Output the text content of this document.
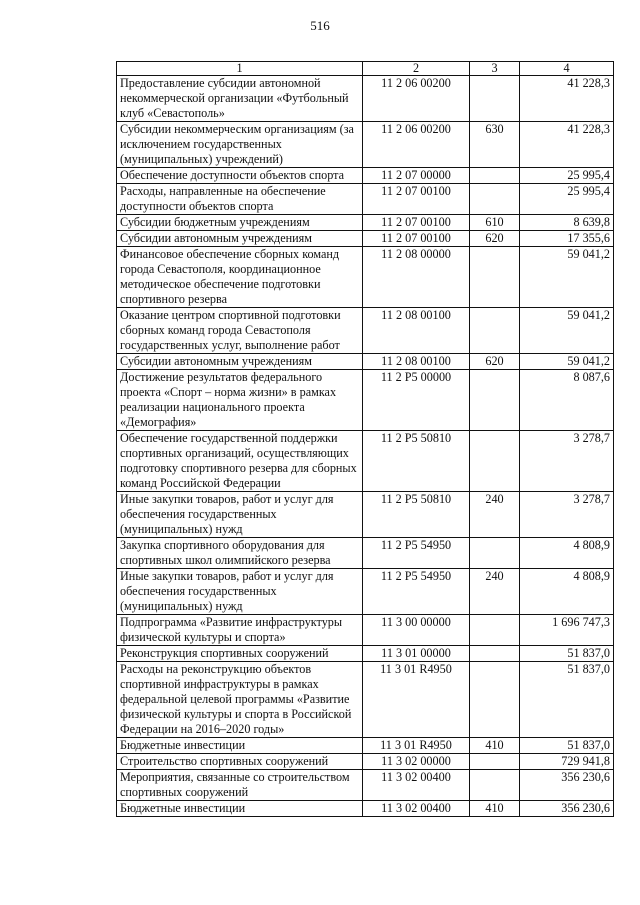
516
1	2	3	4
Предоставление субсидии автономной некоммерческой организации «Футбольный клуб «Севастополь»	11 2 06 00200		41 228,3
Субсидии некоммерческим организациям (за исключением государственных (муниципальных) учреждений)	11 2 06 00200	630	41 228,3
Обеспечение доступности объектов спорта	11 2 07 00000		25 995,4
Расходы, направленные на обеспечение доступности объектов спорта	11 2 07 00100		25 995,4
Субсидии бюджетным учреждениям	11 2 07 00100	610	8 639,8
Субсидии автономным учреждениям	11 2 07 00100	620	17 355,6
Финансовое обеспечение сборных команд города Севастополя, координационное методическое обеспечение подготовки спортивного резерва	11 2 08 00000		59 041,2
Оказание центром спортивной подготовки сборных команд города Севастополя государственных услуг, выполнение работ	11 2 08 00100		59 041,2
Субсидии автономным учреждениям	11 2 08 00100	620	59 041,2
Достижение результатов федерального проекта «Спорт – норма жизни» в рамках реализации национального проекта «Демография»	11 2 P5 00000		8 087,6
Обеспечение государственной поддержки спортивных организаций, осуществляющих подготовку спортивного резерва для сборных команд Российской Федерации	11 2 P5 50810		3 278,7
Иные закупки товаров, работ и услуг для обеспечения государственных (муниципальных) нужд	11 2 P5 50810	240	3 278,7
Закупка спортивного оборудования для спортивных школ олимпийского резерва	11 2 P5 54950		4 808,9
Иные закупки товаров, работ и услуг для обеспечения государственных (муниципальных) нужд	11 2 P5 54950	240	4 808,9
Подпрограмма «Развитие инфраструктуры физической культуры и спорта»	11 3 00 00000		1 696 747,3
Реконструкция спортивных сооружений	11 3 01 00000		51 837,0
Расходы на реконструкцию объектов спортивной инфраструктуры в рамках федеральной целевой программы «Развитие физической культуры и спорта в Российской Федерации на 2016–2020 годы»	11 3 01 R4950		51 837,0
Бюджетные инвестиции	11 3 01 R4950	410	51 837,0
Строительство спортивных сооружений	11 3 02 00000		729 941,8
Мероприятия, связанные со строительством спортивных сооружений	11 3 02 00400		356 230,6
Бюджетные инвестиции	11 3 02 00400	410	356 230,6
